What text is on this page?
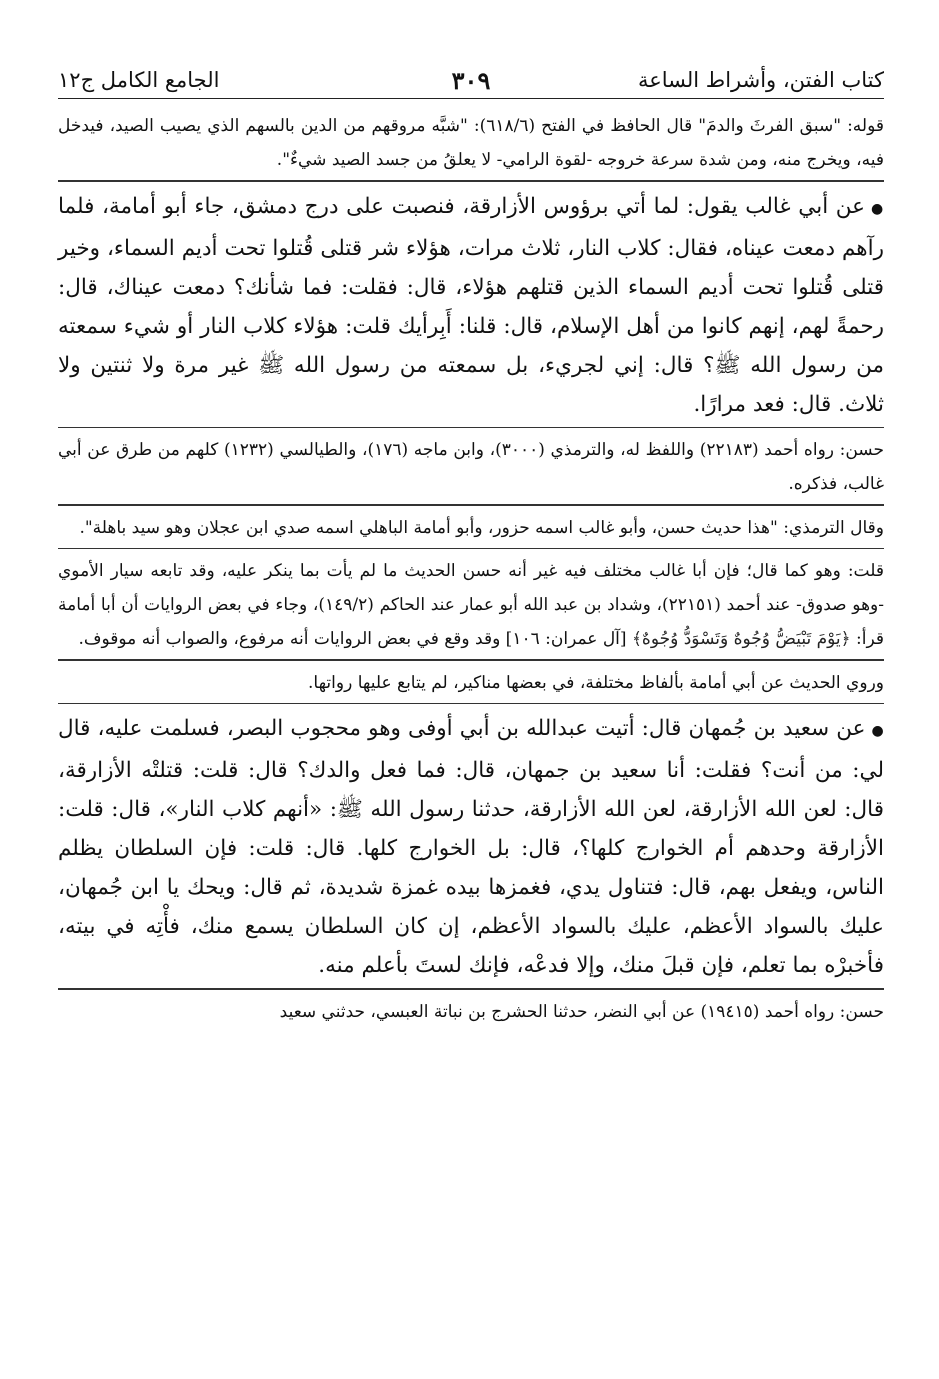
كتاب الفتن، وأشراط الساعة
٣٠٩
الجامع الكامل ج١٢

قوله: "سبق الفرثَ والدمَ" قال الحافظ في الفتح (٦١٨/٦): "شبَّه مروقهم من الدين بالسهم الذي يصيب الصيد، فيدخل فيه، ويخرج منه، ومن شدة سرعة خروجه -لقوة الرامي- لا يعلقُ من جسد الصيد شيءٌ".

●عن أبي غالب يقول: لما أتي برؤوس الأزارقة، فنصبت على درج دمشق، جاء أبو أمامة، فلما رآهم دمعت عيناه، فقال: كلاب النار، ثلاث مرات، هؤلاء شر قتلى قُتلوا تحت أديم السماء، وخير قتلى قُتلوا تحت أديم السماء الذين قتلهم هؤلاء، قال: فقلت: فما شأنك؟ دمعت عيناك، قال: رحمةً لهم، إنهم كانوا من أهل الإسلام، قال: قلنا: أَبِرأيك قلت: هؤلاء كلاب النار أو شيء سمعته من رسول الله ﷺ؟ قال: إني لجريء، بل سمعته من رسول الله ﷺ غير مرة ولا ثنتين ولا ثلاث. قال: فعد مرارًا.

حسن: رواه أحمد (٢٢١٨٣) واللفظ له، والترمذي (٣٠٠٠)، وابن ماجه (١٧٦)، والطيالسي (١٢٣٢) كلهم من طرق عن أبي غالب، فذكره.

وقال الترمذي: "هذا حديث حسن، وأبو غالب اسمه حزور، وأبو أمامة الباهلي اسمه صدي ابن عجلان وهو سيد باهلة".

قلت: وهو كما قال؛ فإن أبا غالب مختلف فيه غير أنه حسن الحديث ما لم يأت بما ينكر عليه، وقد تابعه سيار الأموي -وهو صدوق- عند أحمد (٢٢١٥١)، وشداد بن عبد الله أبو عمار عند الحاكم (١٤٩/٢)، وجاء في بعض الروايات أن أبا أمامة قرأ: ﴿يَوْمَ تَبْيَضُّ وُجُوهٌ وَتَسْوَدُّ وُجُوهٌ﴾ [آل عمران: ١٠٦] وقد وقع في بعض الروايات أنه مرفوع، والصواب أنه موقوف.

وروي الحديث عن أبي أمامة بألفاظ مختلفة، في بعضها مناكير، لم يتابع عليها رواتها.

●عن سعيد بن جُمهان قال: أتيت عبدالله بن أبي أوفى وهو محجوب البصر، فسلمت عليه، قال لي: من أنت؟ فقلت: أنا سعيد بن جمهان، قال: فما فعل والدك؟ قال: قلت: قتلتْه الأزارقة، قال: لعن الله الأزارقة، لعن الله الأزارقة، حدثنا رسول الله ﷺ: «أنهم كلاب النار»، قال: قلت: الأزارقة وحدهم أم الخوارج كلها؟، قال: بل الخوارج كلها. قال: قلت: فإن السلطان يظلم الناس، ويفعل بهم، قال: فتناول يدي، فغمزها بيده غمزة شديدة، ثم قال: ويحك يا ابن جُمهان، عليك بالسواد الأعظم، عليك بالسواد الأعظم، إن كان السلطان يسمع منك، فأْتِه في بيته، فأخبرْه بما تعلم، فإن قبلَ منك، وإلا فدعْه، فإنك لستَ بأعلم منه.

حسن: رواه أحمد (١٩٤١٥) عن أبي النضر، حدثنا الحشرج بن نباتة العبسي، حدثني سعيد
